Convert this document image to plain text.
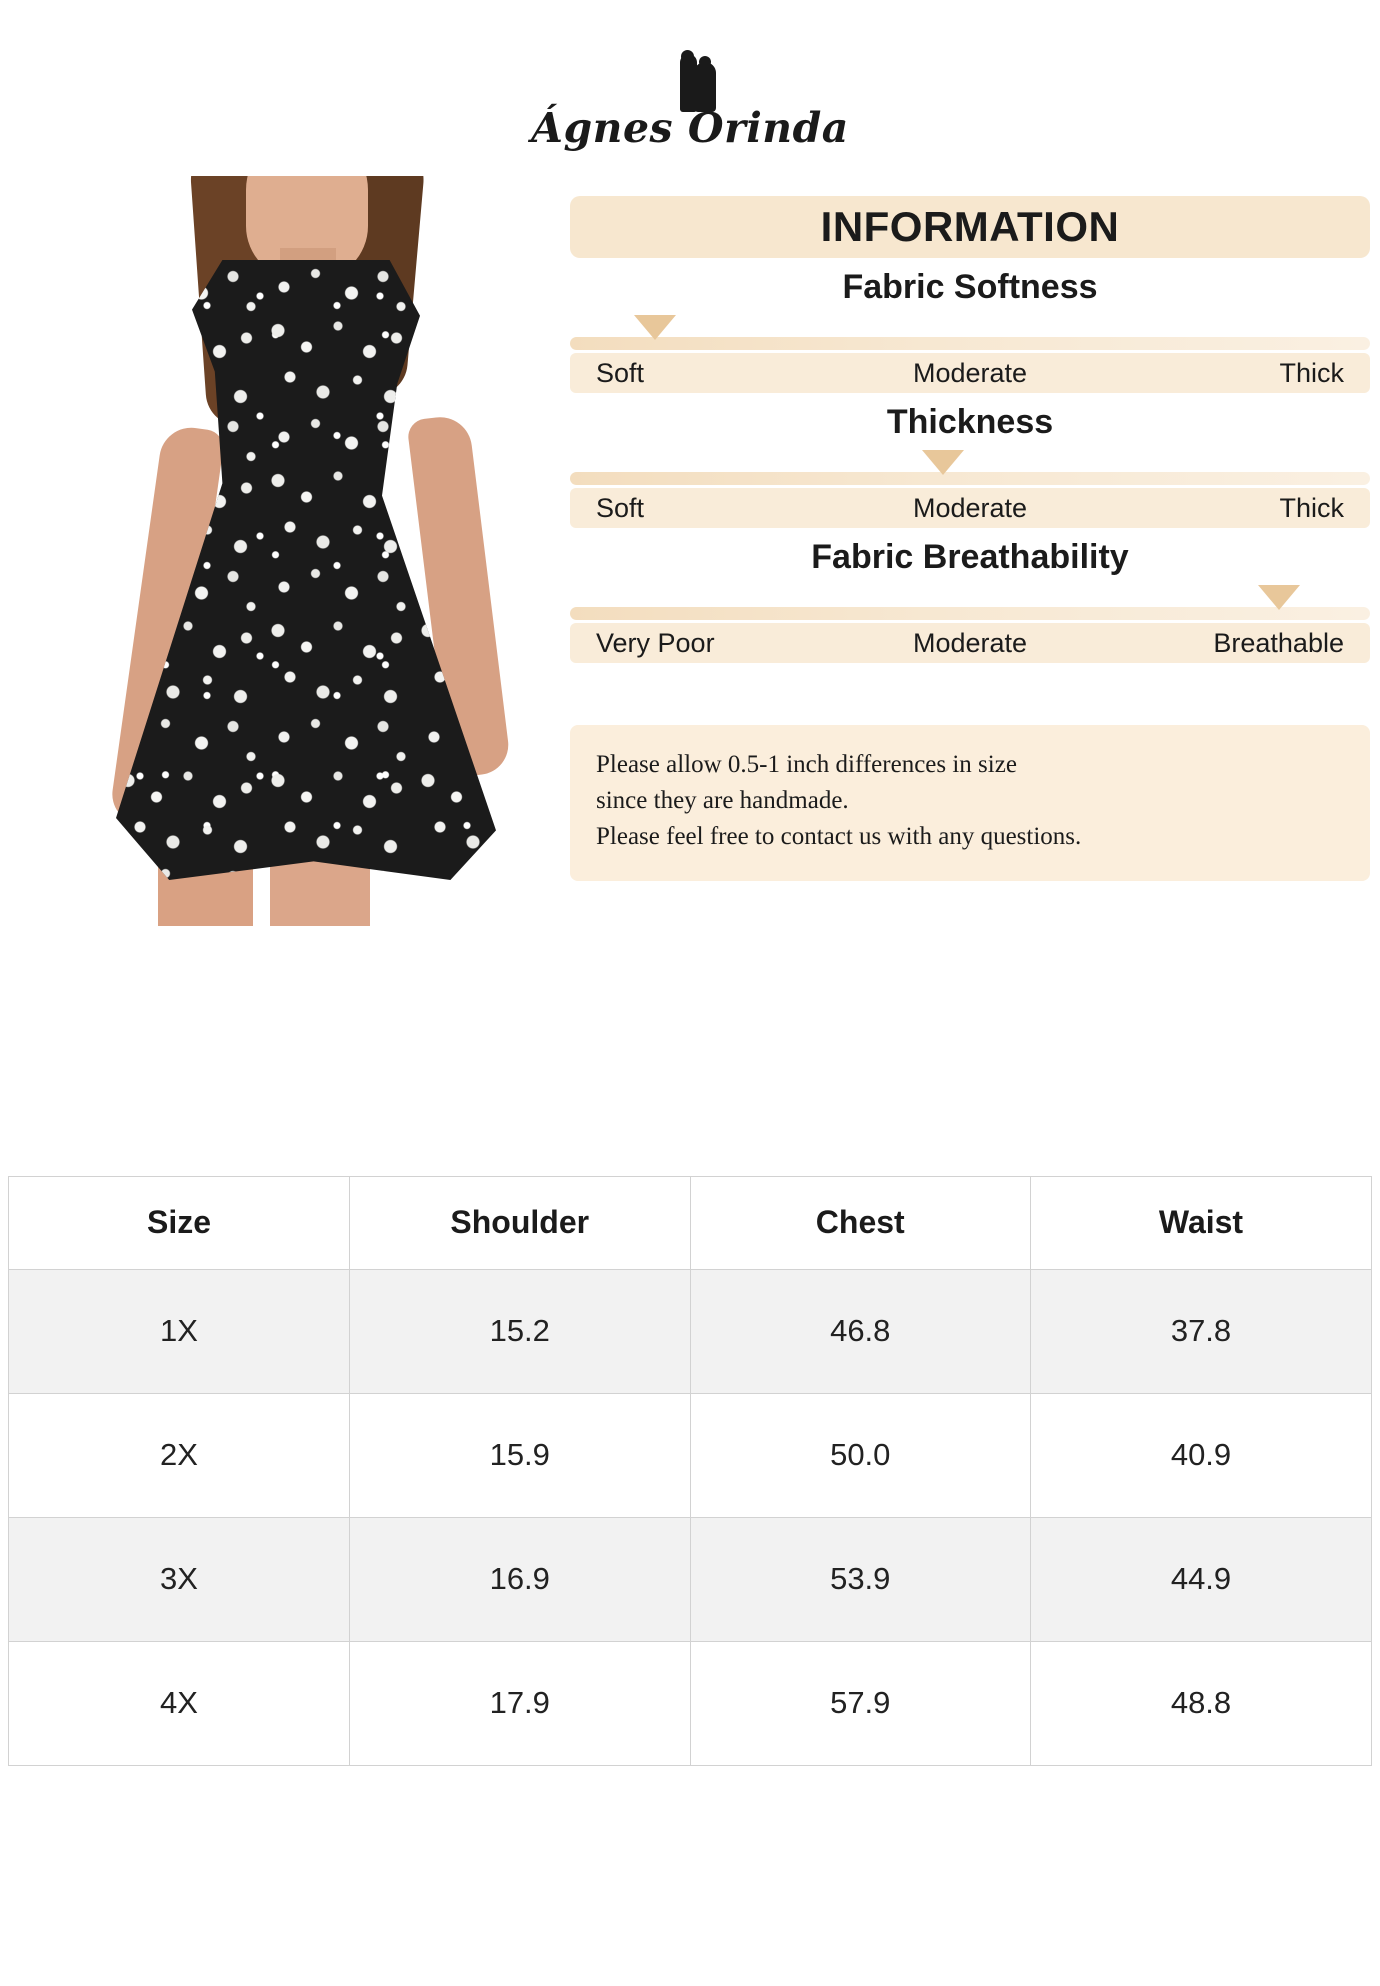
Ágnes Orinda
INFORMATION
Fabric Softness
Soft	Moderate	Thick
Thickness
Soft	Moderate	Thick
Fabric Breathability
Very Poor	Moderate	Breathable
Please allow 0.5-1 inch differences in size
since they are handmade.
Please feel free to contact us with any questions.
Size	Shoulder	Chest	Waist
1X	15.2	46.8	37.8
2X	15.9	50.0	40.9
3X	16.9	53.9	44.9
4X	17.9	57.9	48.8
